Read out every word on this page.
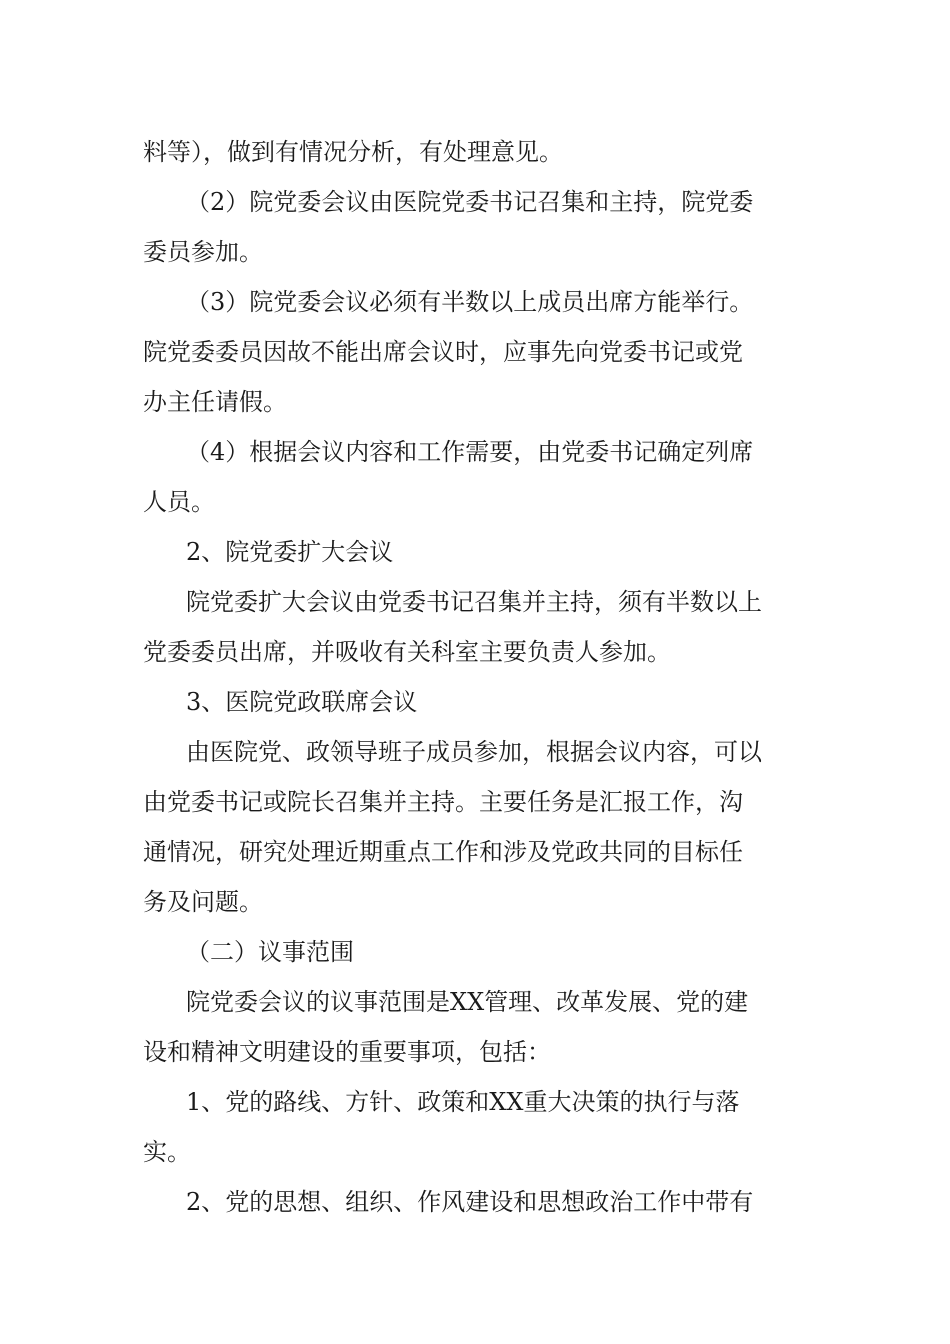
料等），做到有情况分析，有处理意见。
（2）院党委会议由医院党委书记召集和主持，院党委
委员参加。
（3）院党委会议必须有半数以上成员出席方能举行。
院党委委员因故不能出席会议时，应事先向党委书记或党
办主任请假。
（4）根据会议内容和工作需要，由党委书记确定列席
人员。
2、院党委扩大会议
院党委扩大会议由党委书记召集并主持，须有半数以上
党委委员出席，并吸收有关科室主要负责人参加。
3、医院党政联席会议
由医院党、政领导班子成员参加，根据会议内容，可以
由党委书记或院长召集并主持。主要任务是汇报工作，沟
通情况，研究处理近期重点工作和涉及党政共同的目标任
务及问题。
（二）议事范围
院党委会议的议事范围是XX管理、改革发展、党的建
设和精神文明建设的重要事项，包括：
1、党的路线、方针、政策和XX重大决策的执行与落
实。
2、党的思想、组织、作风建设和思想政治工作中带有
